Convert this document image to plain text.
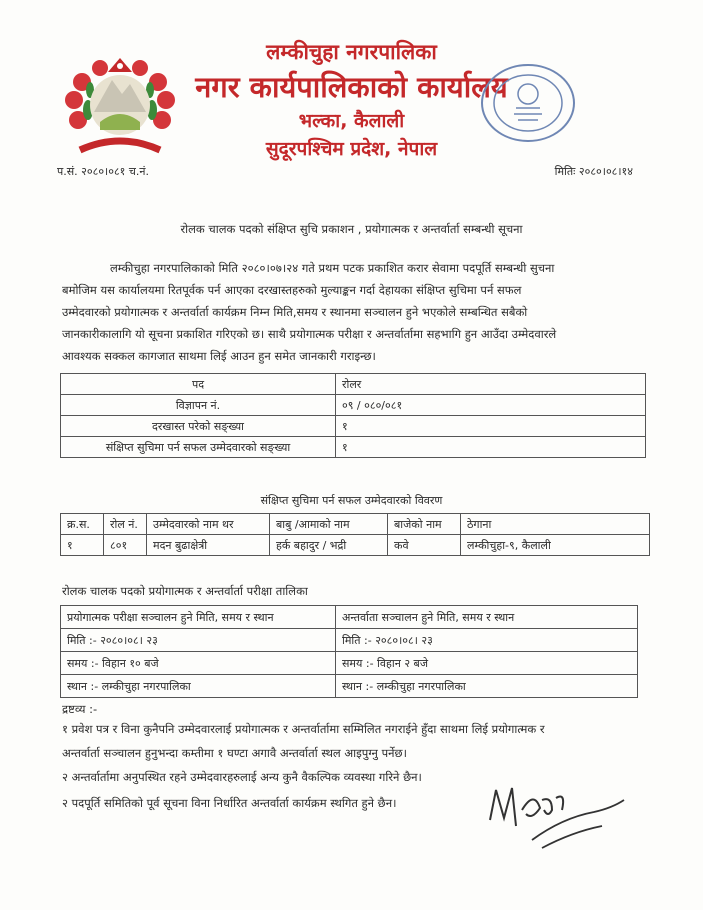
लम्कीचुहा नगरपालिका
नगर कार्यपालिकाको कार्यालय
भल्का, कैलाली
सुदूरपश्चिम प्रदेश, नेपाल
प.सं. २०८०।०८१ च.नं.	मितिः २०८०।०८।१४
रोलक चालक पदको संक्षिप्त सुचि प्रकाशन , प्रयोगात्मक र अन्तर्वार्ता सम्बन्धी सूचना
लम्कीचुहा नगरपालिकाको मिति २०८०।०७।२४ गते प्रथम पटक प्रकाशित करार सेवामा पदपूर्ति सम्बन्धी सुचना
बमोजिम यस कार्यालयमा रितपूर्वक पर्न आएका दरखास्तहरुको मुल्याङ्कन गर्दा देहायका संक्षिप्त सुचिमा पर्न सफल
उम्मेदवारको प्रयोगात्मक र अन्तर्वार्ता कार्यक्रम निम्न मिति,समय र स्थानमा सञ्चालन हुने भएकोले सम्बन्धित सबैको
जानकारीकालागि यो सूचना प्रकाशित गरिएको छ। साथै प्रयोगात्मक परीक्षा र अन्तर्वार्तामा सहभागि हुन आउँदा उम्मेदवारले
आवश्यक सक्कल कागजात साथमा लिई आउन हुन समेत जानकारी गराइन्छ।
पद	रोलर
विज्ञापन नं.	०९ / ०८०/०८१
दरखास्त परेको सङ्ख्या	१
संक्षिप्त सुचिमा पर्न सफल उम्मेदवारको सङ्ख्या	१
संक्षिप्त सुचिमा पर्न सफल उम्मेदवारको विवरण
क्र.स.	रोल नं.	उम्मेदवारको नाम थर	बाबु /आमाको नाम	बाजेको नाम	ठेगाना
१	८०१	मदन बुढाक्षेत्री	हर्क बहादुर / भद्री	कवे	लम्कीचुहा-९, कैलाली
रोलक चालक पदको प्रयोगात्मक र अन्तर्वार्ता परीक्षा तालिका
प्रयोगात्मक परीक्षा सञ्चालन हुने मिति, समय र स्थान	अन्तर्वाता सञ्चालन हुने मिति, समय र स्थान
मिति :- २०८०।०८। २३	मिति :- २०८०।०८। २३
समय :- विहान १० बजे	समय :- विहान २ बजे
स्थान :- लम्कीचुहा नगरपालिका	स्थान :- लम्कीचुहा नगरपालिका
द्रष्टव्य :-
१ प्रवेश पत्र र विना कुनैपनि उम्मेदवारलाई प्रयोगात्मक र अन्तर्वार्तामा सम्मिलित नगराईने हुँदा साथमा लिई प्रयोगात्मक र
अन्तर्वार्ता सञ्चालन हुनुभन्दा कम्तीमा १ घण्टा अगावै अन्तर्वार्ता स्थल आइपुग्नु पर्नेछ।
२ अन्तर्वार्तामा अनुपस्थित रहने उम्मेदवारहरुलाई अन्य कुनै वैकल्पिक व्यवस्था गरिने छैन।
२ पदपूर्ति समितिको पूर्व सूचना विना निर्धारित अन्तर्वार्ता कार्यक्रम स्थगित हुने छैन।
